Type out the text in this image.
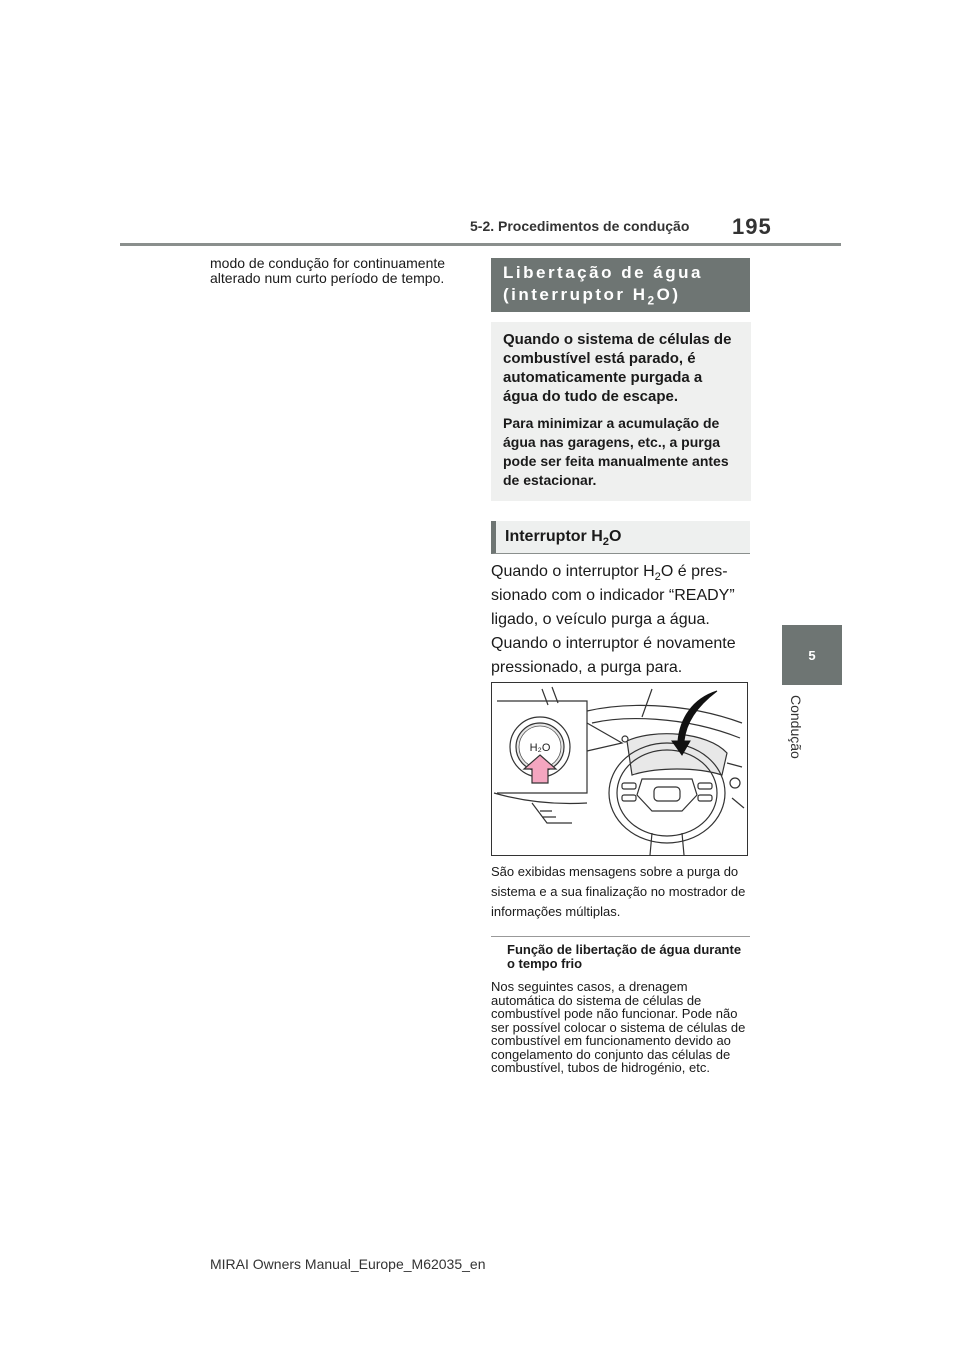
5-2. Procedimentos de condução 195
5
Condução
modo de condução for continuamente alterado num curto período de tempo.	Libertação de água
(interruptor $H_2O$)

Quando o sistema de células de combustível está parado, é automaticamente purgada a água do tudo de escape.

Para minimizar a acumulação de água nas garagens, etc., a purga pode ser feita manualmente antes de estacionar.

Interruptor $H_2O$
Quando o interruptor $H_2O$ é pres-sionado com o indicador “READY” ligado, o veículo purga a água. Quando o interruptor é novamente pressionado, a purga para.
H₂O
São exibidas mensagens sobre a purga do sistema e a sua finalização no mostrador de informações múltiplas.
Função de libertação de água durante o tempo frio
Nos seguintes casos, a drenagem automática do sistema de células de combustível pode não funcionar. Pode não ser possível colocar o sistema de células de combustível em funcionamento devido ao congelamento do conjunto das células de combustível, tubos de hidrogénio, etc.
MIRAI Owners Manual_Europe_M62035_en
